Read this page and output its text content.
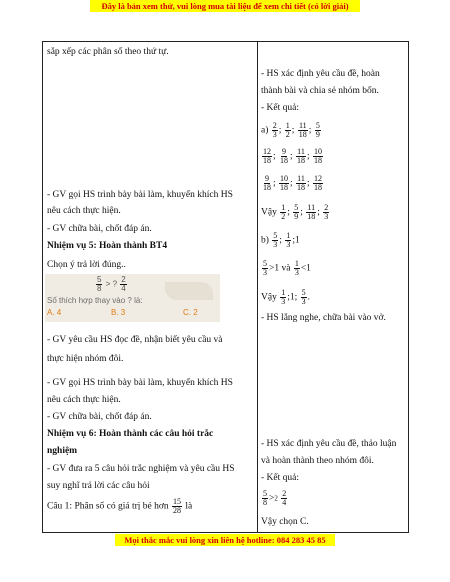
Đây là bản xem thử, vui lòng mua tài liệu để xem chi tiết (có lời giải)
sắp xếp các phân số theo thứ tự.
- GV gọi HS trình bày bài làm, khuyến khích HS
nêu cách thực hiện.
- GV chữa bài, chốt đáp án.
Nhiệm vụ 5: Hoàn thành BT4
Chọn ý trả lời đúng..
$\frac{5}{8}$ > ? $\frac{2}{4}$
Số thích hợp thay vào ? là:
A. 4	B. 3	C. 2
- GV yêu cầu HS đọc đề, nhận biết yêu cầu và
thực hiện nhóm đôi.
- GV gọi HS trình bày bài làm, khuyến khích HS
nêu cách thực hiện.
- GV chữa bài, chốt đáp án.
Nhiệm vụ 6: Hoàn thành các câu hỏi trắc
nghiệm
- GV đưa ra 5 câu hỏi trắc nghiệm và yêu cầu HS
suy nghĩ trả lời các câu hỏi
Câu 1: Phân số có giá trị bé hơn $\frac{15}{28}$ là
- HS xác định yêu cầu đề, hoàn
thành bài và chia sẻ nhóm bốn.
- Kết quả:
$a) \frac{2}{3}$ ; $\frac{1}{2}$ ; $\frac{11}{18}$ ; $\frac{5}{9}$
$\frac{12}{18}$ ; $\frac{9}{18}$ ; $\frac{11}{18}$ ; $\frac{10}{18}$
$\frac{9}{18}$ ; $\frac{10}{18}$ ; $\frac{11}{18}$ ; $\frac{12}{18}$
Vậy $\frac{1}{2}$ ; $\frac{5}{9}$ ; $\frac{11}{18}$ ; $\frac{2}{3}$
$b) \frac{5}{3}$ ; $\frac{1}{3}$ ;1
$\frac{5}{3} >1$ và $\frac{1}{3} <1$
Vậy $\frac{1}{3}$ ;1; $\frac{5}{3}$ .
- HS lắng nghe, chữa bài vào vở.
- HS xác định yêu cầu đề, thảo luận
và hoàn thành theo nhóm đôi.
- Kết quả:
$\frac{5}{8} >2 \frac{2}{4}$
Vậy chọn C.
Mọi thắc mắc vui lòng xin liên hệ hotline: 084 283 45 85
